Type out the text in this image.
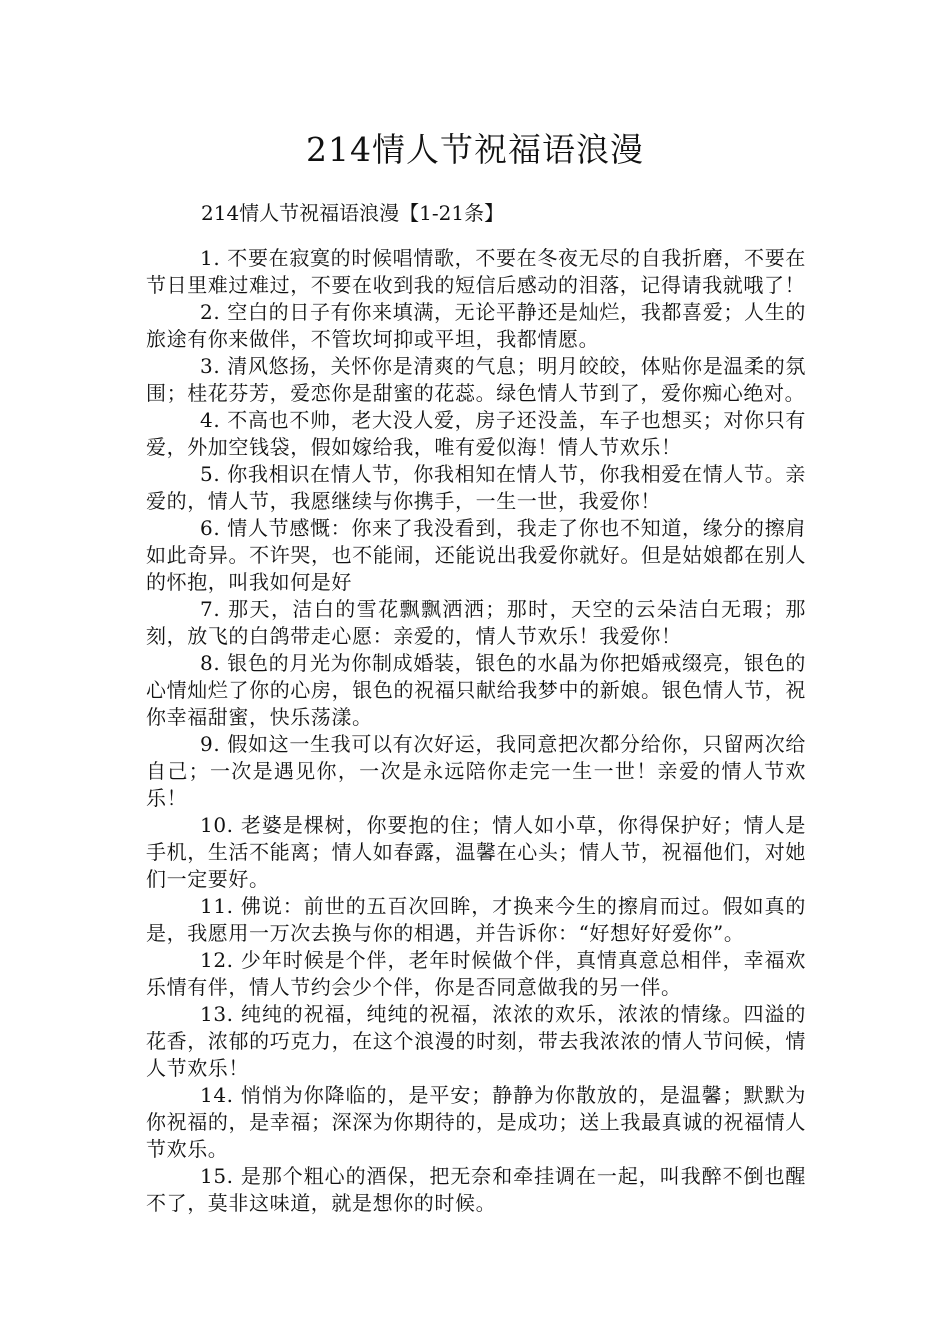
214情人节祝福语浪漫

214情人节祝福语浪漫【1-21条】

1. 不要在寂寞的时候唱情歌，不要在冬夜无尽的自我折磨，不要在节日里难过难过，不要在收到我的短信后感动的泪落，记得请我就哦了！

2. 空白的日子有你来填满，无论平静还是灿烂，我都喜爱；人生的旅途有你来做伴，不管坎坷抑或平坦，我都情愿。

3. 清风悠扬，关怀你是清爽的气息；明月皎皎，体贴你是温柔的氛围；桂花芬芳，爱恋你是甜蜜的花蕊。绿色情人节到了，爱你痴心绝对。

4. 不高也不帅，老大没人爱，房子还没盖，车子也想买；对你只有爱，外加空钱袋，假如嫁给我，唯有爱似海！情人节欢乐！

5. 你我相识在情人节，你我相知在情人节，你我相爱在情人节。亲爱的，情人节，我愿继续与你携手，一生一世，我爱你！

6. 情人节感慨：你来了我没看到，我走了你也不知道，缘分的擦肩如此奇异。不许哭，也不能闹，还能说出我爱你就好。但是姑娘都在别人的怀抱，叫我如何是好

7. 那天，洁白的雪花飘飘洒洒；那时，天空的云朵洁白无瑕；那刻，放飞的白鸽带走心愿：亲爱的，情人节欢乐！我爱你！

8. 银色的月光为你制成婚装，银色的水晶为你把婚戒缀亮，银色的心情灿烂了你的心房，银色的祝福只献给我梦中的新娘。银色情人节，祝你幸福甜蜜，快乐荡漾。

9. 假如这一生我可以有次好运，我同意把次都分给你，只留两次给自己；一次是遇见你，一次是永远陪你走完一生一世！亲爱的情人节欢乐！

10. 老婆是棵树，你要抱的住；情人如小草，你得保护好；情人是手机，生活不能离；情人如春露，温馨在心头；情人节，祝福他们，对她们一定要好。

11. 佛说：前世的五百次回眸，才换来今生的擦肩而过。假如真的是，我愿用一万次去换与你的相遇，并告诉你：“好想好好爱你”。

12. 少年时候是个伴，老年时候做个伴，真情真意总相伴，幸福欢乐情有伴，情人节约会少个伴，你是否同意做我的另一伴。

13. 纯纯的祝福，纯纯的祝福，浓浓的欢乐，浓浓的情缘。四溢的花香，浓郁的巧克力，在这个浪漫的时刻，带去我浓浓的情人节问候，情人节欢乐！

14. 悄悄为你降临的，是平安；静静为你散放的，是温馨；默默为你祝福的，是幸福；深深为你期待的，是成功；送上我最真诚的祝福情人节欢乐。

15. 是那个粗心的酒保，把无奈和牵挂调在一起，叫我醉不倒也醒不了，莫非这味道，就是想你的时候。
